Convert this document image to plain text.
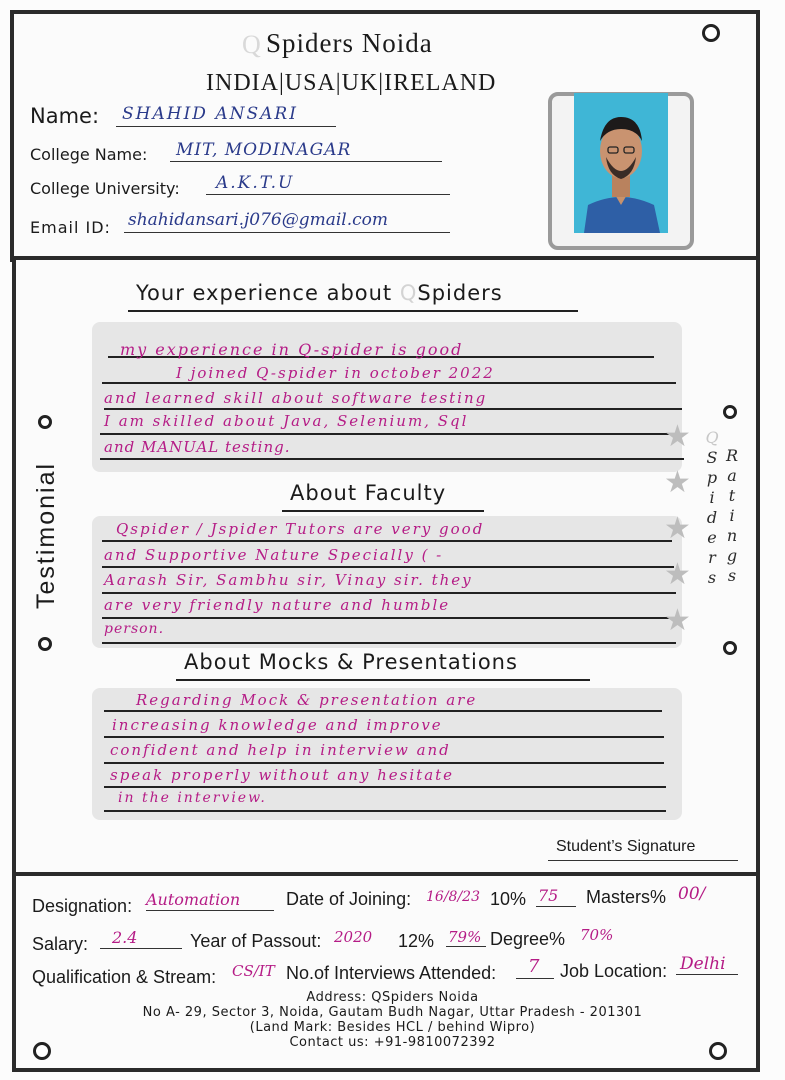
Q Spiders Noida
INDIA|USA|UK|IRELAND
Name: SHAHID ANSARI
College Name: MIT, MODINAGAR
College University: A.K.T.U
Email ID: shahidansari.j076@gmail.com
Testimonial
Your experience about QSpiders
my experience in Q-spider is good
I joined Q-spider in october 2022
and learned skill about software testing
I am skilled about Java, Selenium, Sql
and MANUAL testing.
About Faculty
Qspider / Jspider Tutors are very good
and Supportive Nature Specially ( -
Aarash Sir, Sambhu sir, Vinay sir. they
are very friendly nature and humble
person.
About Mocks & Presentations
Regarding Mock & presentation are
increasing knowledge and improve
confident and help in interview and
speak properly without any hesitate
in the interview.
Student’s Signature
★
★
★
★
★
Q
S
p
i
d
e
r
s
R
a
t
i
n
g
s
Designation: Automation	Date of Joining: 16/8/23 10% 75 Masters% 00/
Salary: 2.4	Year of Passout: 2020 12% 79% Degree% 70%
Qualification & Stream: CS/IT No.of Interviews Attended: 7 Job Location: Delhi
Address: QSpiders Noida
No A- 29, Sector 3, Noida, Gautam Budh Nagar, Uttar Pradesh - 201301
(Land Mark: Besides HCL / behind Wipro)
Contact us: +91-9810072392
